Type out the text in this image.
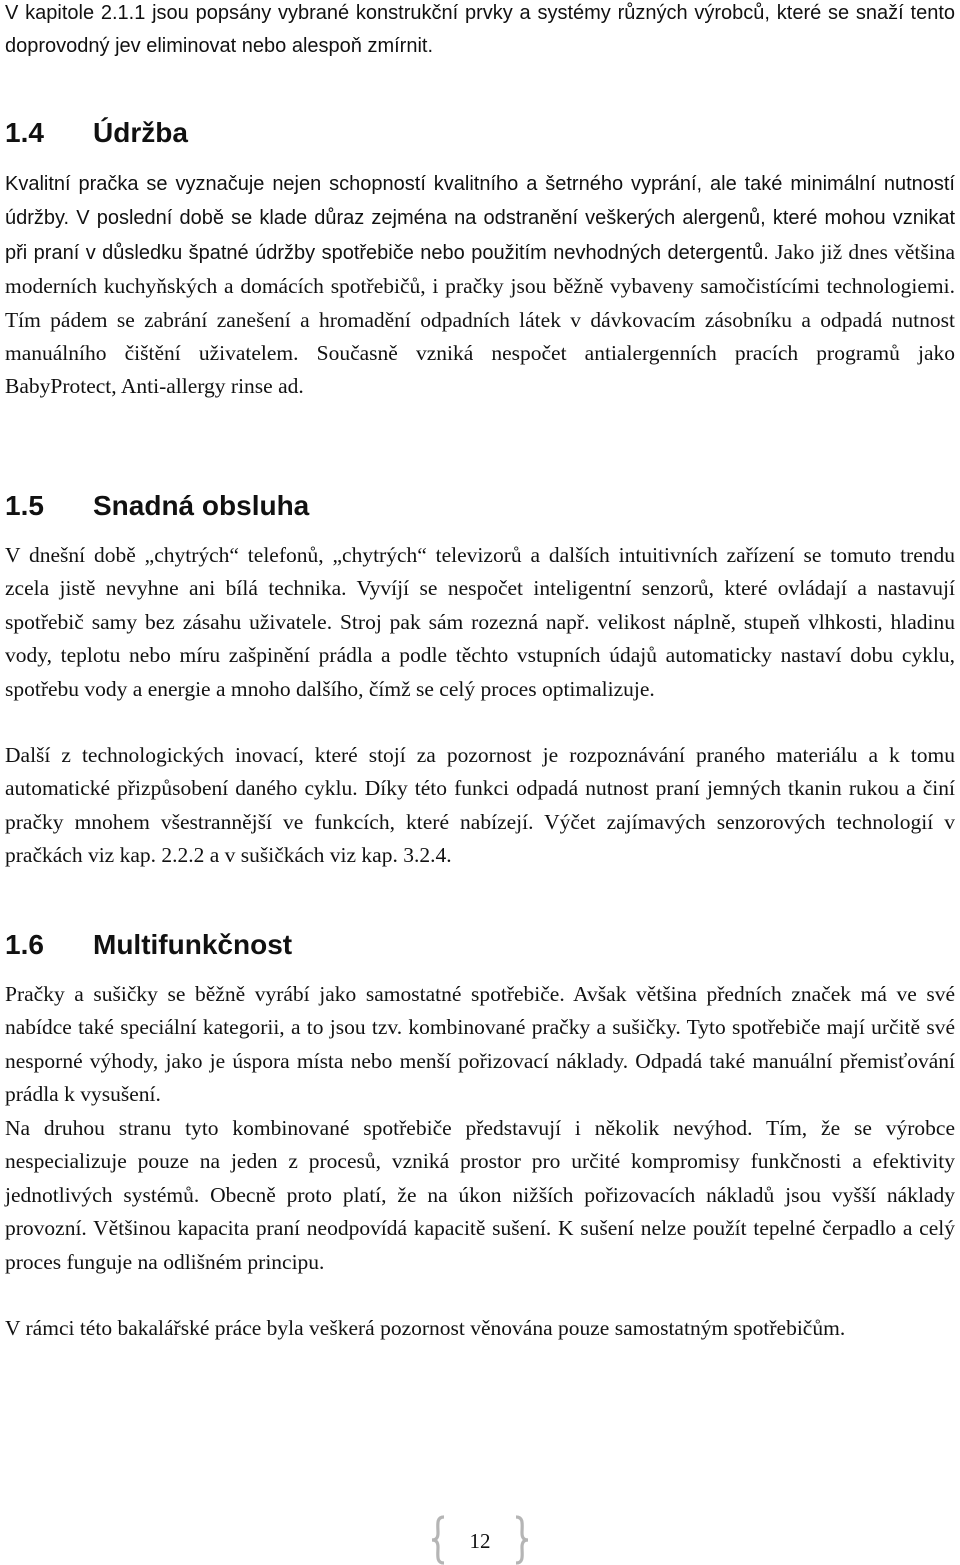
V kapitole 2.1.1 jsou popsány vybrané konstrukční prvky a systémy různých výrobců, které se snaží tento doprovodný jev eliminovat nebo alespoň zmírnit.

1.4 Údržba

Kvalitní pračka se vyznačuje nejen schopností kvalitního a šetrného vyprání, ale také minimální nutností údržby. V poslední době se klade důraz zejména na odstranění veškerých alergenů, které mohou vznikat při praní v důsledku špatné údržby spotřebiče nebo použitím nevhodných detergentů. Jako již dnes většina moderních kuchyňských a domácích spotřebičů, i pračky jsou běžně vybaveny samočistícími technologiemi. Tím pádem se zabrání zanešení a hromadění odpadních látek v dávkovacím zásobníku a odpadá nutnost manuálního čištění uživatelem. Současně vzniká nespočet antialergenních pracích programů jako BabyProtect, Anti-allergy rinse ad.

1.5 Snadná obsluha

V dnešní době „chytrých“ telefonů, „chytrých“ televizorů a dalších intuitivních zařízení se tomuto trendu zcela jistě nevyhne ani bílá technika. Vyvíjí se nespočet inteligentní senzorů, které ovládají a nastavují spotřebič samy bez zásahu uživatele. Stroj pak sám rozezná např. velikost náplně, stupeň vlhkosti, hladinu vody, teplotu nebo míru zašpinění prádla a podle těchto vstupních údajů automaticky nastaví dobu cyklu, spotřebu vody a energie a mnoho dalšího, čímž se celý proces optimalizuje.

Další z technologických inovací, které stojí za pozornost je rozpoznávání praného materiálu a k tomu automatické přizpůsobení daného cyklu. Díky této funkci odpadá nutnost praní jemných tkanin rukou a činí pračky mnohem všestrannější ve funkcích, které nabízejí. Výčet zajímavých senzorových technologií v pračkách viz kap. 2.2.2 a v sušičkách viz kap. 3.2.4.

1.6 Multifunkčnost

Pračky a sušičky se běžně vyrábí jako samostatné spotřebiče. Avšak většina předních značek má ve své nabídce také speciální kategorii, a to jsou tzv. kombinované pračky a sušičky. Tyto spotřebiče mají určitě své nesporné výhody, jako je úspora místa nebo menší pořizovací náklady. Odpadá také manuální přemisťování prádla k vysušení.

Na druhou stranu tyto kombinované spotřebiče představují i několik nevýhod. Tím, že se výrobce nespecializuje pouze na jeden z procesů, vzniká prostor pro určité kompromisy funkčnosti a efektivity jednotlivých systémů. Obecně proto platí, že na úkon nižších pořizovacích nákladů jsou vyšší náklady provozní. Většinou kapacita praní neodpovídá kapacitě sušení. K sušení nelze použít tepelné čerpadlo a celý proces funguje na odlišném principu.

V rámci této bakalářské práce byla veškerá pozornost věnována pouze samostatným spotřebičům.

12
